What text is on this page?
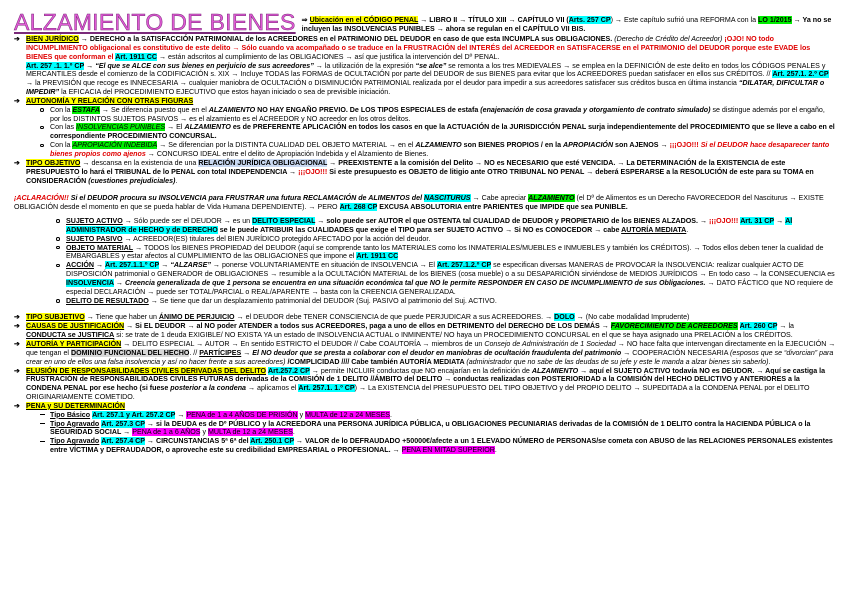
ALZAMIENTO DE BIENES ⇒ Ubicación en el CÓDIGO PENAL → LIBRO II → TÍTULO XIII → CAPÍTULO VII (Arts. 257 CP) → Este capítulo sufrió una REFORMA con la LO 1/2015 → Ya no se incluyen las INSOLVENCIAS PUNIBLES → ahora se regulan en el CAPÍTULO VII BIS.
➔ BIEN JURÍDICO → DERECHO a la SATISFACCIÓN PATRIMONIAL de los ACREEDORES en el PATRIMONIO DEL DEUDOR en caso de que esta INCUMPLA sus OBLIGACIONES. (Derecho de Crédito del Acreedor) ¡OJO! NO todo INCUMPLIMIENTO obligacional es constitutivo de este delito → Sólo cuando va acompañado o se traduce en la FRUSTRACIÓN del INTERÉS del ACREEDOR en SATISFACERSE en el PATRIMONIO del DEUDOR porque este EVADE los BIENES que conforman el Art. 1911 CC → están adscritos al cumplimiento de las OBLIGACIONES → así que justifica la intervención del Dº PENAL.
Art. 257 .1. 1.º CP → “El que se ALCE con sus bienes en perjuicio de sus acreedores” → la utilización de la expresión “se alce” se remonta a los tres MEDIEVALES → se emplea en la DEFINICIÓN de este delito en todos los CÓDIGOS PENALES y MERCANTILES desde el comienzo de la CODIFICACIÓN s. XIX → Incluye TODAS las FORMAS de OCULTACIÓN por parte del DEUDOR de sus BIENES para evitar que los ACREEDORES puedan satisfacer en ellos sus CRÉDITOS. // Art. 257.1. 2.º CP → la PREVISIÓN que recoge es INNECESARIA → cualquier maniobra de OCULTACIÓN o DISMINUCIÓN PATRIMONIAL realizada por el deudor para impedir a sus acreedores satisfacer sus créditos busca en última instancia “DILATAR, DIFICULTAR o IMPEDIR” la EFICACIA del PROCEDIMIENTO EJECUTIVO que estos hayan iniciado o sea de previsible iniciación.
➔ AUTONOMÍA Y RELACIÓN CON OTRAS FIGURAS
Con la ESTAFA → Se diferencia puesto que en el ALZAMIENTO NO HAY ENGAÑO PREVIO. De LOS TIPOS ESPECIALES de estafa (enajenación de cosa gravada y otorgamiento de contrato simulado) se distingue además por el engaño, por los DISTINTOS SUJETOS PASIVOS → es el alzamiento es el ACREEDOR y NO acreedor en los otros delitos.
Con las INSOLVENCIAS PUNIBLES → El ALZAMIENTO es de PREFERENTE APLICACIÓN en todos los casos en que la ACTUACIÓN de la JURISDICCIÓN PENAL surja independientemente del PROCEDIMIENTO que se lleve a cabo en el correspondiente PROCEDIMIENTO CONCURSAL.
Con la APROPIACIÓN INDEBIDA → Se diferencian por la DISTINTA CUALIDAD DEL OBJETO MATERIAL → en el ALZAMIENTO son BIENES PROPIOS / en la APROPIACIÓN son AJENOS → ¡¡¡OJO!!! Si el DEUDOR hace desaparecer tanto bienes propios como ajenos → CONCURSO IDEAL entre el delito de Apropiación Indebida y el Alzamiento de Bienes.
➔ TIPO OBJETIVO → descansa en la existencia de una RELACIÓN JURÍDICA OBLIGACIONAL → PREEXISTENTE a la comisión del Delito → NO es NECESARIO que esté VENCIDA. → La DETERMINACIÓN de la EXISTENCIA de este PRESUPUESTO lo hará el TRIBUNAL de lo PENAL con total INDEPENDENCIA → ¡¡¡OJO!!! Si este presupuesto es OBJETO de litigio ante OTRO TRIBUNAL NO PENAL → deberá ESPERARSE a la RESOLUCIÓN de este para su TOMA en CONSIDERACIÓN (cuestiones prejudiciales).

¡ACLARACIÓN!! Si el DEUDOR procura su INSOLVENCIA para FRUSTRAR una futura RECLAMACIÓN de ALIMENTOS del NASCITURUS → Cabe apreciar ALZAMIENTO (el Dº de Alimentos es un Derecho FAVORECEDOR del Nasciturus → EXISTE OBLIGACIÓN desde el momento en que se pueda hablar de Vida Humana DEPENDIENTE). → PERO Art. 268 CP EXCUSA ABSOLUTORIA entre PARIENTES que IMPIDE que sea PUNIBLE.

SUJETO ACTIVO → Sólo puede ser el DEUDOR → es un DELITO ESPECIAL → solo puede ser AUTOR el que OSTENTA tal CUALIDAD de DEUDOR y PROPIETARIO de los BIENES ALZADOS. → ¡¡¡OJO!!! Art. 31 CP → Al ADMINISTRADOR de HECHO y de DERECHO se le puede ATRIBUIR las CUALIDADES que exige el TIPO para ser SUJETO ACTIVO → Si NO es CONOCEDOR → cabe AUTORÍA MEDIATA.
SUJETO PASIVO → ACREEDOR(ES) titulares del BIEN JURÍDICO protegido AFECTADO por la acción del deudor.
OBJETO MATERIAL → TODOS los BIENES PROPIEDAD del DEUDOR (aquí se comprende tanto los MATERIALES como los INMATERIALES/MUEBLES e INMUEBLES y también los CRÉDITOS). → Todos ellos deben tener la cualidad de EMBARGABLES y estar afectos al CUMPLIMIENTO de las OBLIGACIONES que impone el Art. 1911 CC
ACCIÓN → Art. 257.1.1.º CP → “ALZARSE” → ponerse VOLUNTARIAMENTE en situación de INSOLVENCIA → El Art. 257.1.2.º CP se especifican diversas MANERAS de PROVOCAR la INSOLVENCIA: realizar cualquier ACTO DE DISPOSICIÓN patrimonial o GENERADOR de OBLIGACIONES → resumible a la OCULTACIÓN MATERIAL de los BIENES (cosa mueble) o a su DESAPARICIÓN sirviéndose de MEDIOS JURÍDICOS → En todo caso → la CONSECUENCIA es INSOLVENCIA → Creencia generalizada de que 1 persona se encuentra en una situación económica tal que NO le permite RESPONDER EN CASO DE INCUMPLIMIENTO de sus Obligaciones. → DATO FÁCTICO que NO requiere de especial DECLARACIÓN → puede ser TOTAL/PARCIAL o REAL/APARENTE → basta con la CREENCIA GENERALIZADA.
DELITO DE RESULTADO → Se tiene que dar un desplazamiento patrimonial del DEUDOR (Suj. PASIVO al patrimonio del Suj. ACTIVO.
➔ TIPO SUBJETIVO → Tiene que haber un ÁNIMO DE PERJUICIO → el DEUDOR debe TENER CONSCIENCIA de que puede PERJUDICAR a sus ACREEDORES. → DOLO → (No cabe modalidad Imprudente)
➔ CAUSAS DE JUSTIFICACIÓN → Si EL DEUDOR → al NO poder ATENDER a todos sus ACREEDORES, paga a uno de ellos en DETRIMENTO del DERECHO DE LOS DEMÁS → FAVORECIMIENTO DE ACREEDORES Art. 260 CP → la CONDUCTA se JUSTIFICA si: se trate de 1 deuda EXIGIBLE/ NO EXISTA YA un estado de INSOLVENCIA ACTUAL o INMINENTE/ NO haya un PROCEDIMIENTO CONCURSAL en el que se haya asignado una PRELACIÓN a los CRÉDITOS.
➔ AUTORÍA Y PARTICIPACIÓN → DELITO ESPECIAL → AUTOR → En sentido ESTRICTO el DEUDOR // Cabe COAUTORÍA → miembros de un Consejo de Administración de 1 Sociedad → NO hace falta que intervengan directamente en la EJECUCIÓN → que tengan el DOMINIO FUNCIONAL DEL HECHO. // PARTÍCIPES → El NO deudor que se presta a colaborar con el deudor en maniobras de ocultación fraudulenta del patrimonio → COOPERACIÓN NECESARIA (esposos que se “divorcian” para crear en uno de ellos una falsa insolvencia y así no hacer frente a sus acreedores) /COMPLICIDAD //// Cabe también AUTORÍA MEDIATA (administrador que no sabe de las deudas de su jefe y este le manda a alzar bienes sin saberlo).
➔ ELUSIÓN DE RESPONSABILIDADES CIVILES DERIVADAS DEL DELITO Art.257.2 CP → permite INCLUIR conductas que NO encajarían en la definición de ALZAMIENTO → aquí el SUJETO ACTIVO todavía NO es DEUDOR. → Aquí se castiga la FRUSTRACIÓN de RESPONSABILIDADES CIVILES FUTURAS derivadas de la COMISIÓN de 1 DELITO //ÁMBITO del DELITO → conductas realizadas con POSTERIORIDAD a la COMISIÓN del HECHO DELICTIVO y ANTERIORES a la CONDENA PENAL por ese hecho (si fuese posterior a la condena → aplicamos el Art. 257.1. 1.º CP) → La EXISTENCIA del PRESUPUESTO DEL TIPO OBJETIVO y del PROPIO DELITO → SUPEDITADA a la CONDENA PENAL por el DELITO ORIGINARIAMENTE COMETIDO.
➔ PENA y SU DETERMINACIÓN
Tipo Básico Art. 257.1 y Art. 257.2 CP → PENA de 1 a 4 AÑOS DE PRISIÓN y MULTA de 12 a 24 MESES.
Tipo Agravado Art. 257.3 CP → si la DEUDA es de Dº PÚBLICO y la ACREEDORA una PERSONA JURÍDICA PÚBLICA, u OBLIGACIONES PECUNIARIAS derivadas de la COMISIÓN de 1 DELITO contra la HACIENDA PÚBLICA o la SEGURIDAD SOCIAL → PENA de 1 a 6 AÑOS y MULTA de 12 a 24 MESES.
Tipo Agravado Art. 257.4 CP → CIRCUNSTANCIAS 5ª 6ª del Art. 250.1 CP → VALOR de lo DEFRAUDADO +50000€/afecte a un 1 ELEVADO NÚMERO de PERSONAS/se cometa con ABUSO de las RELACIONES PERSONALES existentes entre VÍCTIMA y DEFRAUDADOR, o aproveche este su credibilidad EMPRESARIAL o PROFESIONAL. → PENA EN MITAD SUPERIOR.
